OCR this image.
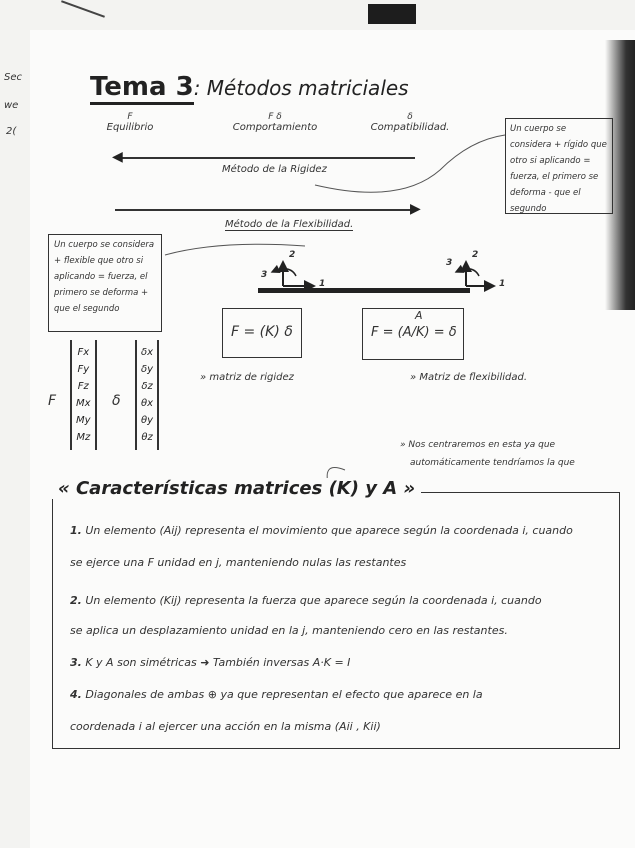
Sec
we
2(
Tema 3: Métodos matriciales
F
Equilibrio
F δ
Comportamiento
δ
Compatibilidad.
◀
Método de la Rigidez
▶
Método de la Flexibilidad.
Un cuerpo se considera + rígido que otro si aplicando = fuerza, el primero se deforma - que el segundo
Un cuerpo se considera + flexible que otro si aplicando = fuerza, el primero se deforma + que el segundo
3
1
2
3
2
1
F = (K) δ
» matriz de rigidez
A
F = (A/K) = δ
» Matriz de flexibilidad.
F
Fx
Fy
Fz
Mx
My
Mz
δ
δx
δy
δz
θx
θy
θz
» Nos centraremos en esta ya que
automáticamente tendríamos la que
« Características matrices (K) y A »
1. Un elemento (Aij) representa el movimiento que aparece según la coordenada i, cuando
se ejerce una F unidad en j, manteniendo nulas las restantes
2. Un elemento (Kij) representa la fuerza que aparece según la coordenada i, cuando
se aplica un desplazamiento unidad en la j, manteniendo cero en las restantes.
3. K y A son simétricas ➜ También inversas A·K = I
4. Diagonales de ambas ⊕ ya que representan el efecto que aparece en la
coordenada i al ejercer una acción en la misma (Aii , Kii)
